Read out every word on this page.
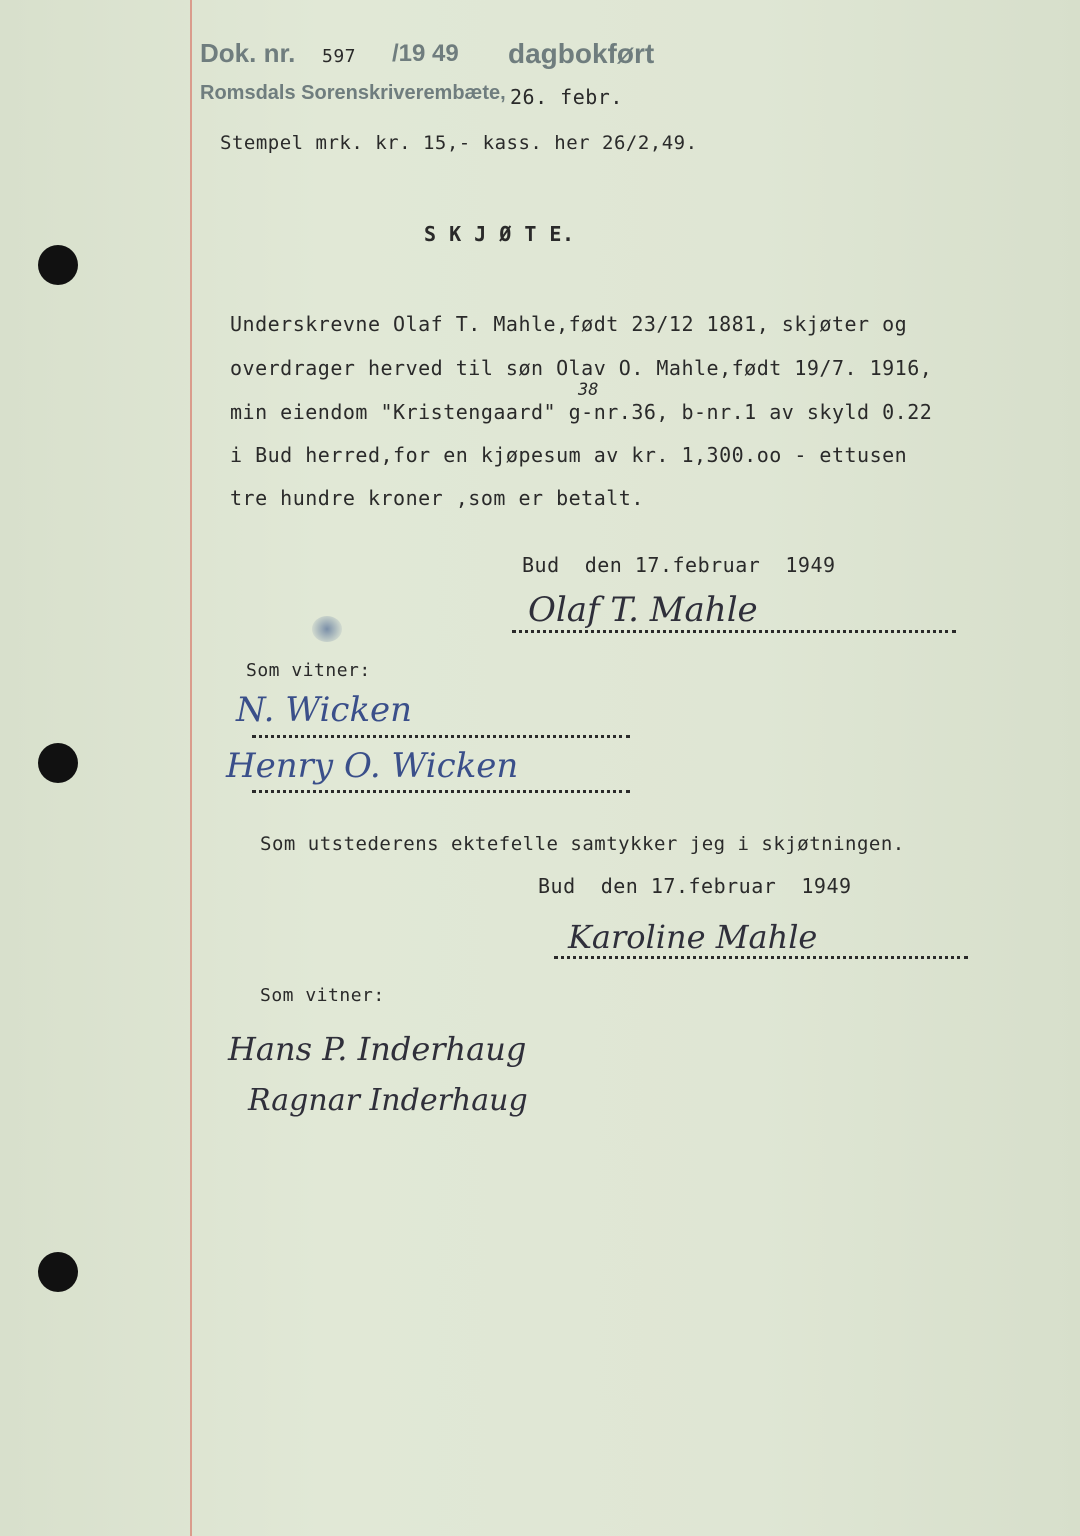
Dok. nr. 597 /19 49 dagbokført
Romsdals Sorenskriverembæte, 26. febr.
Stempel mrk. kr. 15,- kass. her 26/2,49.
S K J Ø T E.
Underskrevne Olaf T. Mahle,født 23/12 1881, skjøter og
overdrager herved til søn Olav O. Mahle,født 19/7. 1916,
38
min eiendom "Kristengaard" g-nr.36, b-nr.1 av skyld 0.22
i Bud herred,for en kjøpesum av kr. 1,300.oo - ettusen
tre hundre kroner ,som er betalt.
Bud  den 17.februar  1949
Olaf T. Mahle
Som vitner:
N. Wicken
Henry O. Wicken
Som utstederens ektefelle samtykker jeg i skjøtningen.
Bud  den 17.februar  1949
Karoline Mahle
Som vitner:
Hans P. Inderhaug
Ragnar Inderhaug
